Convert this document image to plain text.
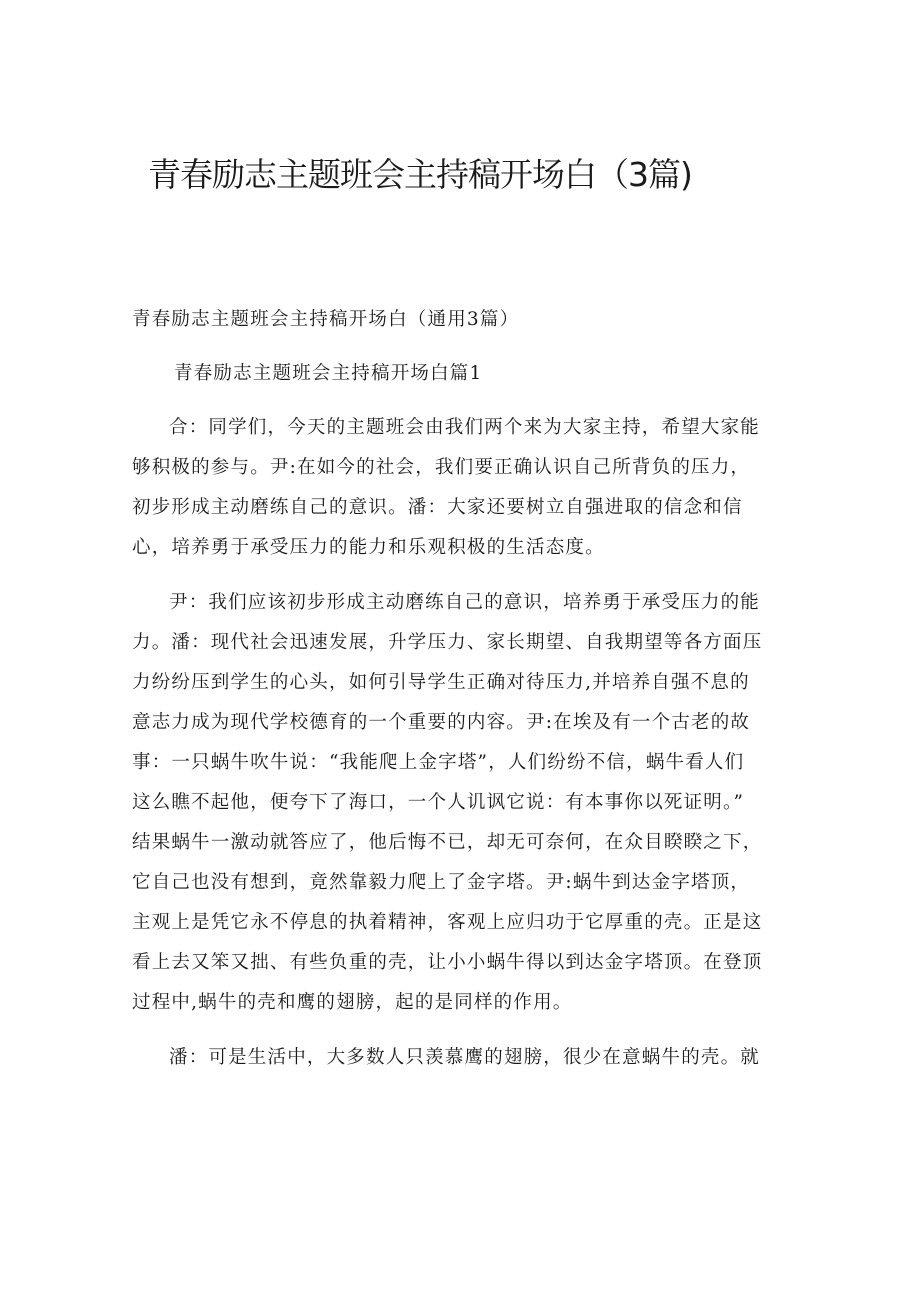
青春励志主题班会主持稿开场白（3篇)
青春励志主题班会主持稿开场白（通用3篇）
青春励志主题班会主持稿开场白篇1
合：同学们，今天的主题班会由我们两个来为大家主持，希望大家能
够积极的参与。尹:在如今的社会，我们要正确认识自己所背负的压力，
初步形成主动磨练自己的意识。潘：大家还要树立自强进取的信念和信
心，培养勇于承受压力的能力和乐观积极的生活态度。
尹：我们应该初步形成主动磨练自己的意识，培养勇于承受压力的能
力。潘：现代社会迅速发展，升学压力、家长期望、自我期望等各方面压
力纷纷压到学生的心头，如何引导学生正确对待压力,并培养自强不息的
意志力成为现代学校德育的一个重要的内容。尹:在埃及有一个古老的故
事：一只蜗牛吹牛说：“我能爬上金字塔”，人们纷纷不信，蜗牛看人们
这么瞧不起他，便夸下了海口，一个人讥讽它说：有本事你以死证明。”
结果蜗牛一激动就答应了，他后悔不已，却无可奈何，在众目睽睽之下，
它自己也没有想到，竟然靠毅力爬上了金字塔。尹:蜗牛到达金字塔顶，
主观上是凭它永不停息的执着精神，客观上应归功于它厚重的壳。正是这
看上去又笨又拙、有些负重的壳，让小小蜗牛得以到达金字塔顶。在登顶
过程中,蜗牛的壳和鹰的翅膀，起的是同样的作用。
潘：可是生活中，大多数人只羡慕鹰的翅膀，很少在意蜗牛的壳。就
